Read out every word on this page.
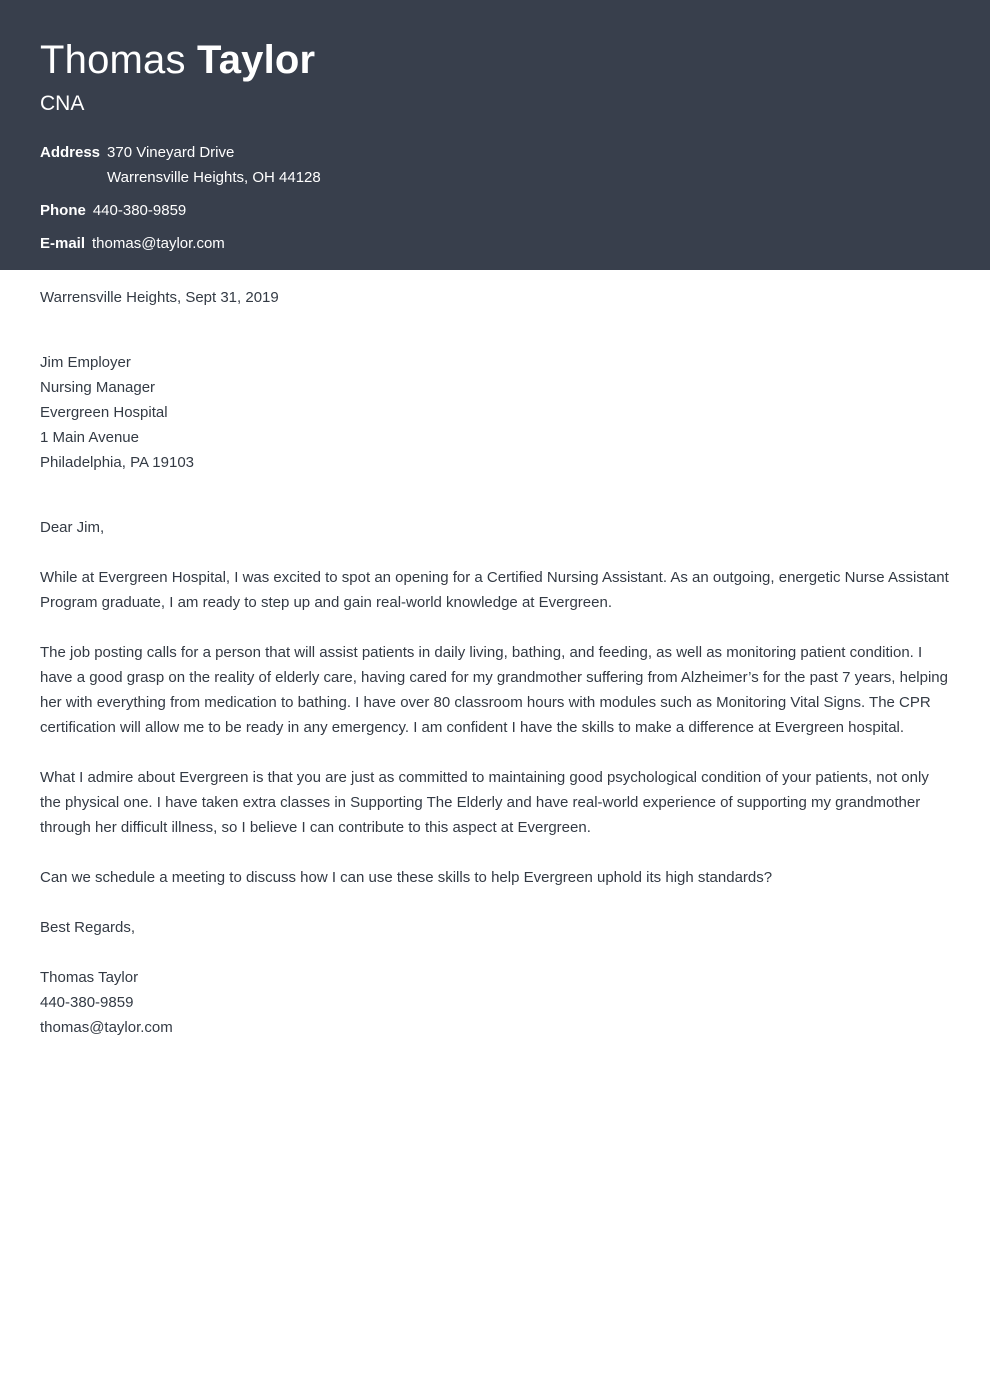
Thomas Taylor
CNA
Address 370 Vineyard Drive
Warrensville Heights, OH 44128
Phone 440-380-9859
E-mail thomas@taylor.com

Warrensville Heights, Sept 31, 2019

Jim Employer

Nursing Manager

Evergreen Hospital

1 Main Avenue

Philadelphia, PA 19103

Dear Jim,

While at Evergreen Hospital, I was excited to spot an opening for a Certified Nursing Assistant. As an outgoing, energetic Nurse Assistant Program graduate, I am ready to step up and gain real-world knowledge at Evergreen.

The job posting calls for a person that will assist patients in daily living, bathing, and feeding, as well as monitoring patient condition. I have a good grasp on the reality of elderly care, having cared for my grandmother suffering from Alzheimer’s for the past 7 years, helping her with everything from medication to bathing. I have over 80 classroom hours with modules such as Monitoring Vital Signs. The CPR certification will allow me to be ready in any emergency. I am confident I have the skills to make a difference at Evergreen hospital.

What I admire about Evergreen is that you are just as committed to maintaining good psychological condition of your patients, not only the physical one. I have taken extra classes in Supporting The Elderly and have real-world experience of supporting my grandmother through her difficult illness, so I believe I can contribute to this aspect at Evergreen.

Can we schedule a meeting to discuss how I can use these skills to help Evergreen uphold its high standards?

Best Regards,

Thomas Taylor

440-380-9859

thomas@taylor.com
